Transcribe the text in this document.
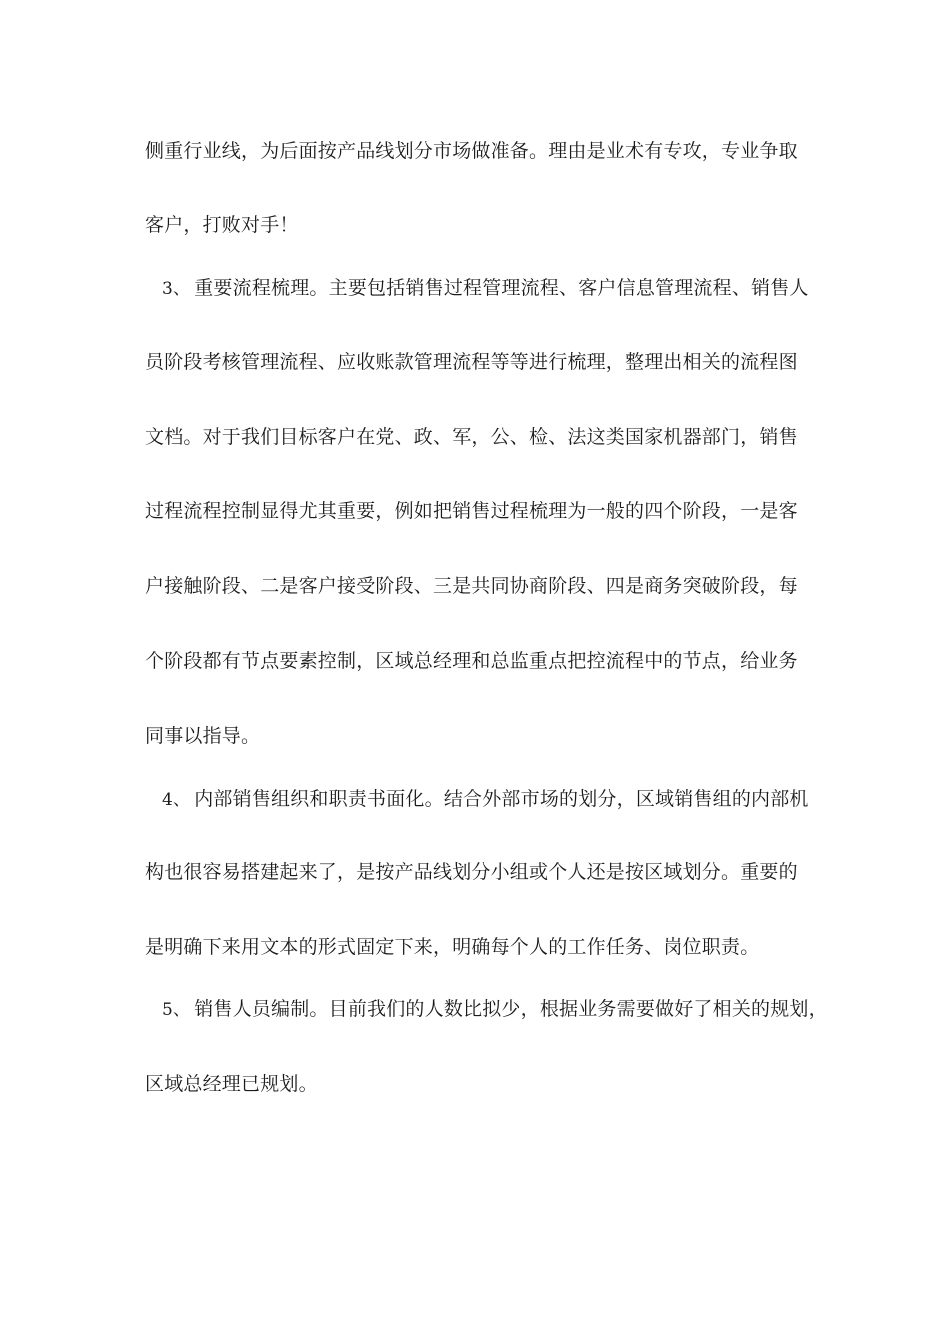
侧重行业线，为后面按产品线划分市场做准备。理由是业术有专攻，专业争取
客户，打败对手！
3、 重要流程梳理。主要包括销售过程管理流程、客户信息管理流程、销售人
员阶段考核管理流程、应收账款管理流程等等进行梳理，整理出相关的流程图
文档。对于我们目标客户在党、政、军，公、检、法这类国家机器部门，销售
过程流程控制显得尤其重要，例如把销售过程梳理为一般的四个阶段，一是客
户接触阶段、二是客户接受阶段、三是共同协商阶段、四是商务突破阶段，每
个阶段都有节点要素控制，区域总经理和总监重点把控流程中的节点，给业务
同事以指导。
4、 内部销售组织和职责书面化。结合外部市场的划分，区域销售组的内部机
构也很容易搭建起来了，是按产品线划分小组或个人还是按区域划分。重要的
是明确下来用文本的形式固定下来，明确每个人的工作任务、岗位职责。
5、 销售人员编制。目前我们的人数比拟少，根据业务需要做好了相关的规划，
区域总经理已规划。
